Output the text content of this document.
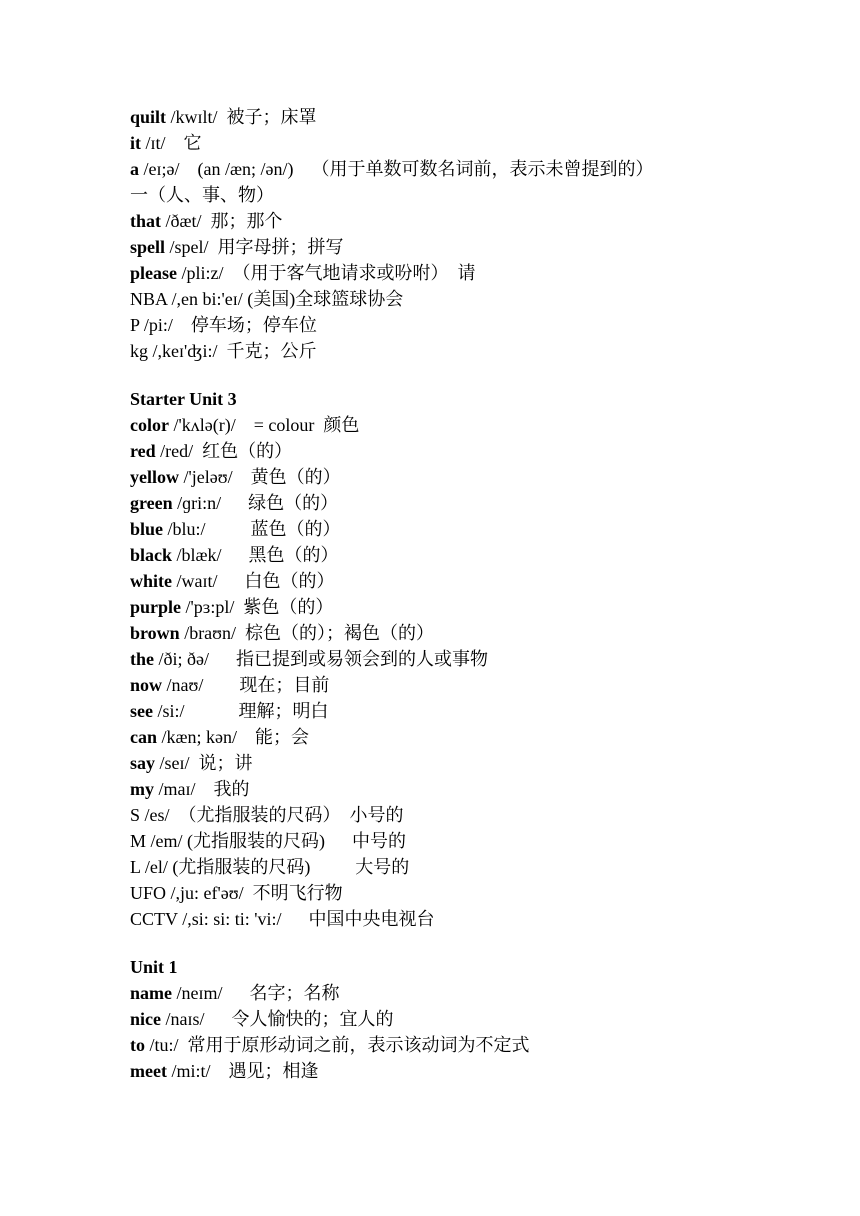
quilt /kwɪlt/  被子；床罩
it /ɪt/    它
a /eɪ;ə/    (an /æn; /ən/)    （用于单数可数名词前，表示未曾提到的）
一（人、事、物）
that /ðæt/  那；那个
spell /spel/  用字母拼；拼写
please /pli:z/  （用于客气地请求或吩咐）  请
NBA /,en bi:'eɪ/ (美国)全球篮球协会
P /pi:/    停车场；停车位
kg /,keɪ'ʤi:/  千克；公斤
Starter Unit 3
color /'kʌlə(r)/    = colour  颜色
red /red/  红色（的）
yellow /'jeləʊ/    黄色（的）
green /ɡri:n/      绿色（的）
blue /blu:/          蓝色（的）
black /blæk/      黑色（的）
white /waɪt/      白色（的）
purple /'pɜ:pl/  紫色（的）
brown /braʊn/  棕色（的）；褐色（的）
the /ði; ðə/      指已提到或易领会到的人或事物
now /naʊ/        现在；目前
see /si:/            理解；明白
can /kæn; kən/    能；会
say /seɪ/  说；讲
my /maɪ/    我的
S /es/  （尤指服装的尺码）  小号的
M /em/ (尤指服装的尺码)      中号的
L /el/ (尤指服装的尺码)          大号的
UFO /,ju: ef'əʊ/  不明飞行物
CCTV /,si: si: ti: 'vi:/      中国中央电视台
Unit 1
name /neɪm/      名字；名称
nice /naɪs/      令人愉快的；宜人的
to /tu:/  常用于原形动词之前，表示该动词为不定式
meet /mi:t/    遇见；相逢
